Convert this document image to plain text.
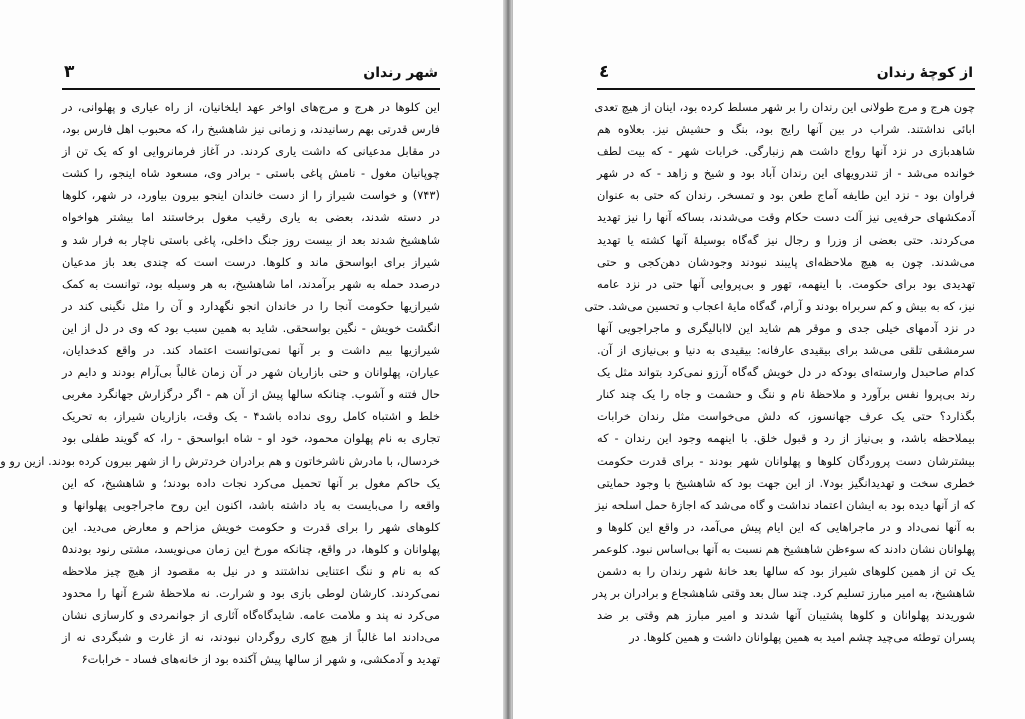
شهر رندان
۳
این کلوها در هرج و مرج‌های اواخر عهد ایلخانیان، از راه عیاری و پهلوانی، در
فارس قدرتی بهم رسانیدند، و زمانی نیز شاهشیخ را، که محبوب اهل فارس بود،
در مقابل مدعیانی که داشت یاری کردند. در آغاز فرمانروایی او که یک تن از
چوپانیان مغول - نامش پاغی باستی - برادر وی، مسعود شاه اینجو، را کشت
(۷۴۳) و خواست شیراز را از دست خاندان اینجو بیرون بیاورد، در شهر، کلوها
در دسته شدند، بعضی به یاری رقیب مغول برخاستند اما بیشتر هواخواه
شاهشیخ شدند بعد از بیست روز جنگ داخلی، پاغی باستی ناچار به فرار شد و
شیراز برای ابواسحق ماند و کلوها. درست است که چندی بعد باز مدعیان
درصدد حمله به شهر برآمدند، اما شاهشیخ، به هر وسیله بود، توانست به کمک
شیرازیها حکومت آنجا را در خاندان انجو نگهدارد و آن را مثل نگینی کند در
انگشت خویش - نگین بواسحقی. شاید به همین سبب بود که وی در دل از این
شیرازیها بیم داشت و بر آنها نمی‌توانست اعتماد کند. در واقع کدخدایان،
عیاران، پهلوانان و حتی بازاریان شهر در آن زمان غالباً بی‌آرام بودند و دایم در
حال فتنه و آشوب. چنانکه سالها پیش از آن هم - اگر درگزارش جهانگرد مغربی
خلط و اشتباه کامل روی نداده باشد۴ - یک وقت، بازاریان شیراز، به تحریک
تجاری به نام پهلوان محمود، خود او - شاه ابواسحق - را، که گویند طفلی بود
خردسال، با مادرش ناشرخاتون و هم برادران خردترش را از شهر بیرون کرده بودند. ازین رو و
یک حاکم مغول بر آنها تحمیل می‌کرد نجات داده بودند؛ و شاهشیخ، که این
واقعه را می‌بایست به یاد داشته باشد، اکنون این روح ماجراجویی پهلوانها و
کلوهای شهر را برای قدرت و حکومت خویش مزاحم و معارض می‌دید. این
پهلوانان و کلوها، در واقع، چنانکه مورخ این زمان می‌نویسد، مشتی رنود بودند۵
که به نام و ننگ اعتنایی نداشتند و در نیل به مقصود از هیچ چیز ملاحظه
نمی‌کردند. کارشان لوطی بازی بود و شرارت. نه ملاحظهٔ شرع آنها را محدود
می‌کرد نه پند و ملامت عامه. شایدگاه‌گاه آثاری از جوانمردی و کارسازی نشان
می‌دادند اما غالباً از هیچ کاری روگردان نبودند، نه از غارت و شبگردی نه از
تهدید و آدمکشی، و شهر از سالها پیش آکنده بود از خانه‌های فساد - خرابات۶
از کوچهٔ رندان
٤
چون هرج و مرج طولانی این رندان را بر شهر مسلط کرده بود، اینان از هیچ تعدی
ابائی نداشتند. شراب در بین آنها رایج بود، بنگ و حشیش نیز. بعلاوه هم
شاهدبازی در نزد آنها رواج داشت هم زنبارگی. خرابات شهر - که بیت لطف
خوانده می‌شد - از تندرویهای این رندان آباد بود و شیخ و زاهد - که در شهر
فراوان بود - نزد این طایفه آماج طعن بود و تمسخر. رندان که حتی به عنوان
آدمکشهای حرفه‌یی نیز آلت دست حکام وقت می‌شدند، بساکه آنها را نیز تهدید
می‌کردند. حتی بعضی از وزرا و رجال نیز گه‌گاه بوسیلهٔ آنها کشته یا تهدید
می‌شدند. چون به هیچ ملاحظه‌ای پایبند نبودند وجودشان دهن‌کجی و حتی
تهدیدی بود برای حکومت. با اینهمه، تهور و بی‌پروایی آنها حتی در نزد عامه
نیز، که به بیش و کم سربراه بودند و آرام، گه‌گاه مایهٔ اعجاب و تحسین می‌شد. حتی
در نزد آدمهای خیلی جدی و موقر هم شاید این لاابالیگری و ماجراجویی آنها
سرمشقی تلقی می‌شد برای بیقیدی عارفانه: بیقیدی به دنیا و بی‌نیازی از آن.
کدام صاحبدل وارسته‌ای بودکه در دل خویش گه‌گاه آرزو نمی‌کرد بتواند مثل یک
رند بی‌پروا نفس برآورد و ملاحظهٔ نام و ننگ و حشمت و جاه را یک چند کنار
بگذارد؟ حتی یک عرف جهانسوز، که دلش می‌خواست مثل رندان خرابات
بیملاحظه باشد، و بی‌نیاز از رد و قبول خلق. با اینهمه وجود این رندان - که
بیشترشان دست پروردگان کلوها و پهلوانان شهر بودند - برای قدرت حکومت
خطری سخت و تهدیدانگیز بود۷. از این جهت بود که شاهشیخ با وجود حمایتی
که از آنها دیده بود به ایشان اعتماد نداشت و گاه می‌شد که اجازهٔ حمل اسلحه نیز
به آنها نمی‌داد و در ماجراهایی که این ایام پیش می‌آمد، در واقع این کلوها و
پهلوانان نشان دادند که سوءظن شاهشیخ هم نسبت به آنها بی‌اساس نبود. کلوعمر
یک تن از همین کلوهای شیراز بود که سالها بعد خانهٔ شهر رندان را به دشمن
شاهشیخ، به امیر مبارز تسلیم کرد. چند سال بعد وقتی شاهشجاع و برادران بر پدر
شوریدند پهلوانان و کلوها پشتیبان آنها شدند و امیر مبارز هم وقتی بر ضد
پسران توطئه می‌چید چشم امید به همین پهلوانان داشت و همین کلوها. در
